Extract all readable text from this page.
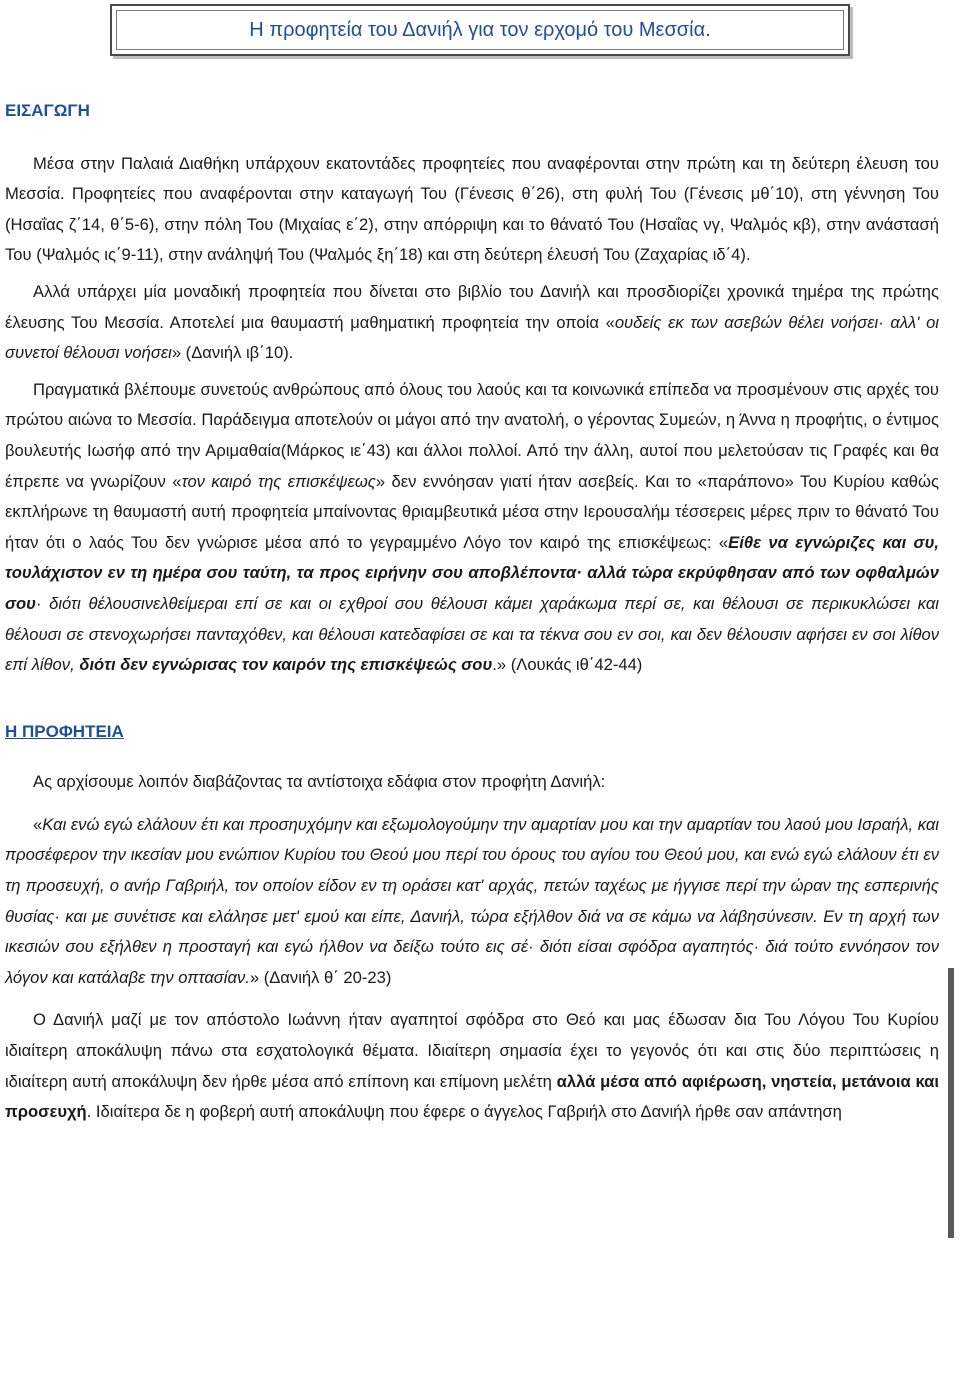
Η προφητεία του Δανιήλ για τον ερχομό του Μεσσία.
ΕΙΣΑΓΩΓΗ

Μέσα στην Παλαιά Διαθήκη υπάρχουν εκατοντάδες προφητείες που αναφέρονται στην πρώτη και τη δεύτερη έλευση του Μεσσία. Προφητείες που αναφέρονται στην καταγωγή Του (Γένεσις θ΄26), στη φυλή Του (Γένεσις μθ΄10), στη γέννηση Του (Ησαΐας ζ΄14, θ΄5-6), στην πόλη Του (Μιχαίας ε΄2), στην απόρριψη και το θάνατό Του (Ησαΐας νγ, Ψαλμός κβ), στην ανάστασή Του (Ψαλμός ις΄9-11), στην ανάληψή Του (Ψαλμός ξη΄18) και στη δεύτερη έλευσή Του (Ζαχαρίας ιδ΄4).

Αλλά υπάρχει μία μοναδική προφητεία που δίνεται στο βιβλίο του Δανιήλ και προσδιορίζει χρονικά τημέρα της πρώτης έλευσης Του Μεσσία. Αποτελεί μια θαυμαστή μαθηματική προφητεία την οποία «ουδείς εκ των ασεβών θέλει νοήσει· αλλ' οι συνετοί θέλουσι νοήσει» (Δανιήλ ιβ΄10).

Πραγματικά βλέπουμε συνετούς ανθρώπους από όλους του λαούς και τα κοινωνικά επίπεδα να προσμένουν στις αρχές του πρώτου αιώνα το Μεσσία. Παράδειγμα αποτελούν οι μάγοι από την ανατολή, ο γέροντας Συμεών, η Άννα η προφήτις, ο έντιμος βουλευτής Ιωσήφ από την Αριμαθαία(Μάρκος ιε΄43) και άλλοι πολλοί. Από την άλλη, αυτοί που μελετούσαν τις Γραφές και θα έπρεπε να γνωρίζουν «τον καιρό της επισκέψεως» δεν εννόησαν γιατί ήταν ασεβείς. Και το «παράπονο» Του Κυρίου καθώς εκπλήρωνε τη θαυμαστή αυτή προφητεία μπαίνοντας θριαμβευτικά μέσα στην Ιερουσαλήμ τέσσερεις μέρες πριν το θάνατό Του ήταν ότι ο λαός Του δεν γνώρισε μέσα από το γεγραμμένο Λόγο τον καιρό της επισκέψεως: «Είθε να εγνώριζες και συ, τουλάχιστον εν τη ημέρα σου ταύτη, τα προς ειρήνην σου αποβλέποντα· αλλά τώρα εκρύφθησαν από των οφθαλμών σου· διότι θέλουσινελθείμεραι επί σε και οι εχθροί σου θέλουσι κάμει χαράκωμα περί σε, και θέλουσι σε περικυκλώσει και θέλουσι σε στενοχωρήσει πανταχόθεν, και θέλουσι κατεδαφίσει σε και τα τέκνα σου εν σοι, και δεν θέλουσιν αφήσει εν σοι λίθον επί λίθον, διότι δεν εγνώρισας τον καιρόν της επισκέψεώς σου.» (Λουκάς ιθ΄42-44)

Η ΠΡΟΦΗΤΕΙΑ

Ας αρχίσουμε λοιπόν διαβάζοντας τα αντίστοιχα εδάφια στον προφήτη Δανιήλ:

«Και ενώ εγώ ελάλουν έτι και προσηυχόμην και εξωμολογούμην την αμαρτίαν μου και την αμαρτίαν του λαού μου Ισραήλ, και προσέφερον την ικεσίαν μου ενώπιον Κυρίου του Θεού μου περί του όρους του αγίου του Θεού μου, και ενώ εγώ ελάλουν έτι εν τη προσευχή, ο ανήρ Γαβριήλ, τον οποίον είδον εν τη οράσει κατ' αρχάς, πετών ταχέως με ήγγισε περί την ώραν της εσπερινής θυσίας· και με συνέτισε και ελάλησε μετ' εμού και είπε, Δανιήλ, τώρα εξήλθον διά να σε κάμω να λάβησύνεσιν. Εν τη αρχή των ικεσιών σου εξήλθεν η προσταγή και εγώ ήλθον να δείξω τούτο εις σέ· διότι είσαι σφόδρα αγαπητός· διά τούτο εννόησον τον λόγον και κατάλαβε την οπτασίαν.» (Δανιήλ θ΄ 20-23)

Ο Δανιήλ μαζί με τον απόστολο Ιωάννη ήταν αγαπητοί σφόδρα στο Θεό και μας έδωσαν δια Του Λόγου Του Κυρίου ιδιαίτερη αποκάλυψη πάνω στα εσχατολογικά θέματα. Ιδιαίτερη σημασία έχει το γεγονός ότι και στις δύο περιπτώσεις η ιδιαίτερη αυτή αποκάλυψη δεν ήρθε μέσα από επίπονη και επίμονη μελέτη αλλά μέσα από αφιέρωση, νηστεία, μετάνοια και προσευχή. Ιδιαίτερα δε η φοβερή αυτή αποκάλυψη που έφερε ο άγγελος Γαβριήλ στο Δανιήλ ήρθε σαν απάντηση
